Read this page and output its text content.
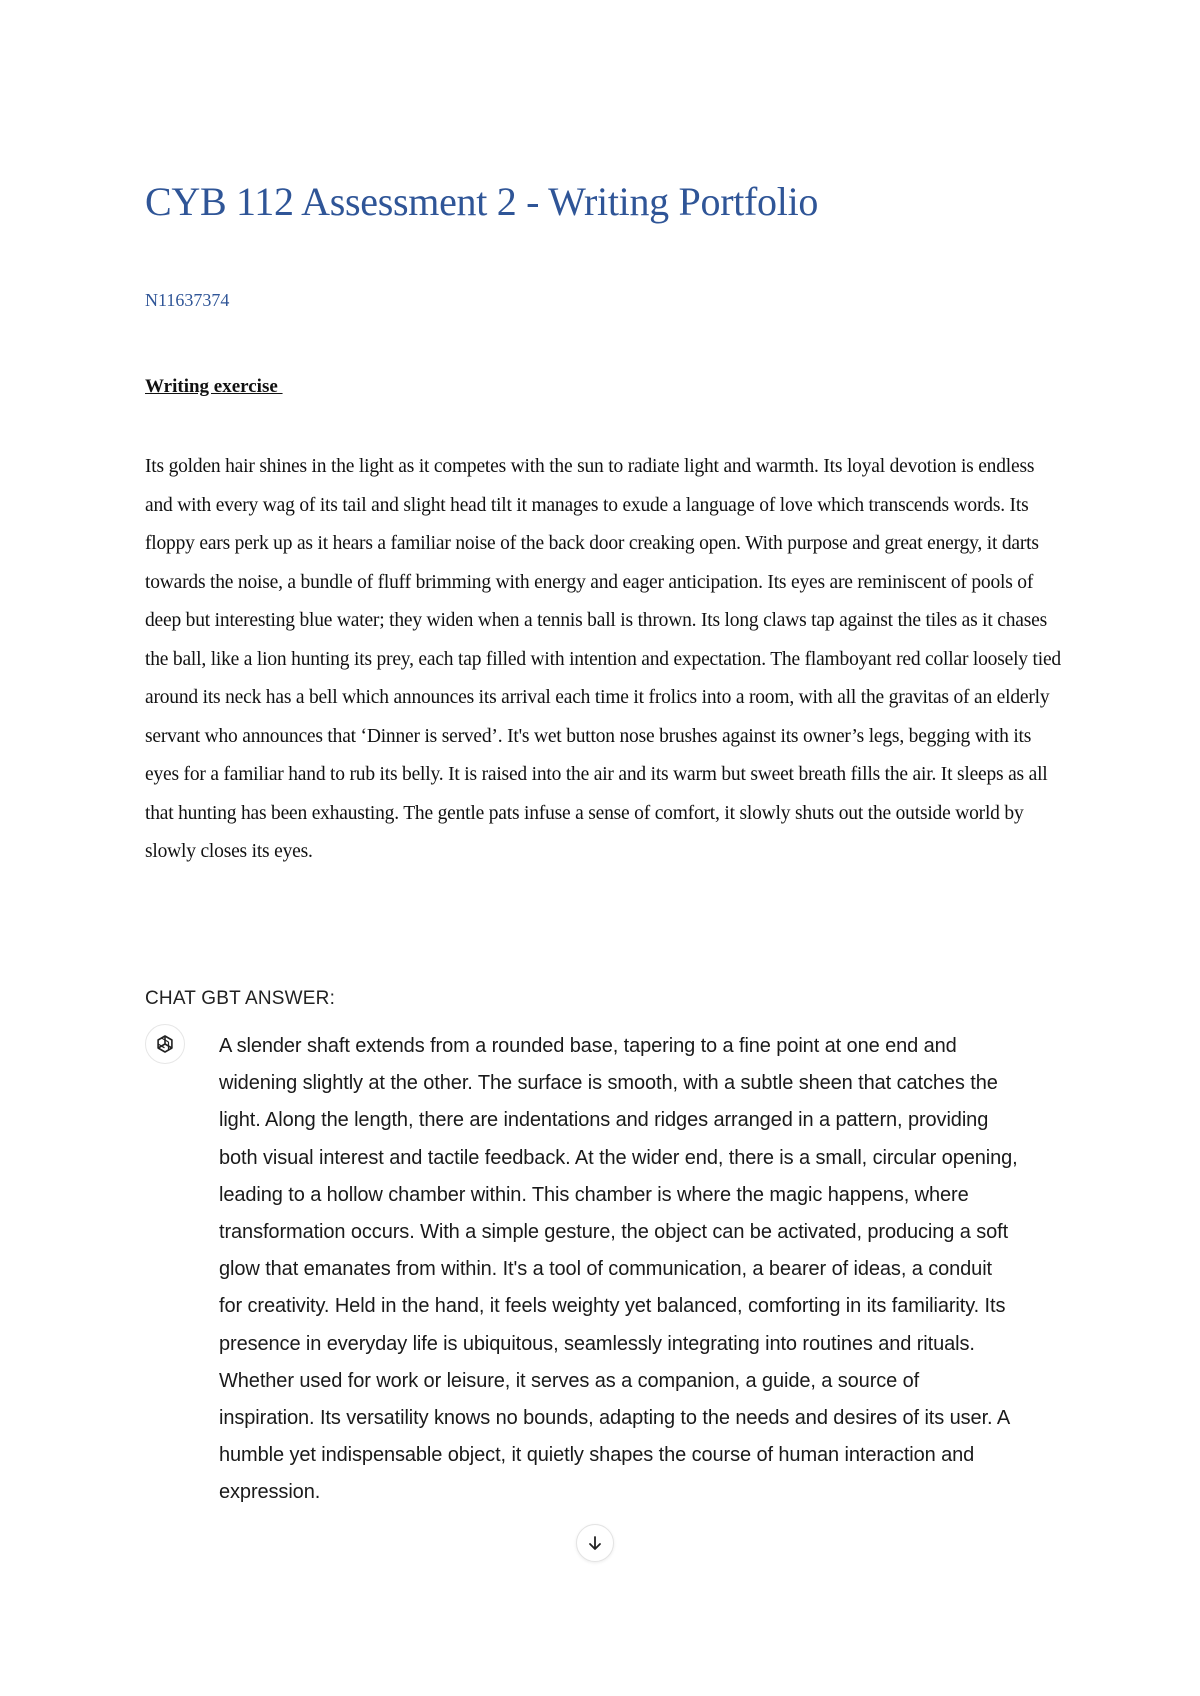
CYB 112 Assessment 2 - Writing Portfolio
N11637374
Writing exercise

Its golden hair shines in the light as it competes with the sun to radiate light and warmth. Its loyal devotion is endless and with every wag of its tail and slight head tilt it manages to exude a language of love which transcends words. Its floppy ears perk up as it hears a familiar noise of the back door creaking open. With purpose and great energy, it darts towards the noise, a bundle of fluff brimming with energy and eager anticipation. Its eyes are reminiscent of pools of deep but interesting blue water; they widen when a tennis ball is thrown. Its long claws tap against the tiles as it chases the ball, like a lion hunting its prey, each tap filled with intention and expectation. The flamboyant red collar loosely tied around its neck has a bell which announces its arrival each time it frolics into a room, with all the gravitas of an elderly servant who announces that ‘Dinner is served’. It's wet button nose brushes against its owner’s legs, begging with its eyes for a familiar hand to rub its belly. It is raised into the air and its warm but sweet breath fills the air. It sleeps as all that hunting has been exhausting. The gentle pats infuse a sense of comfort, it slowly shuts out the outside world by slowly closes its eyes.

CHAT GBT ANSWER:

A slender shaft extends from a rounded base, tapering to a fine point at one end and widening slightly at the other. The surface is smooth, with a subtle sheen that catches the light. Along the length, there are indentations and ridges arranged in a pattern, providing both visual interest and tactile feedback. At the wider end, there is a small, circular opening, leading to a hollow chamber within. This chamber is where the magic happens, where transformation occurs. With a simple gesture, the object can be activated, producing a soft glow that emanates from within. It's a tool of communication, a bearer of ideas, a conduit for creativity. Held in the hand, it feels weighty yet balanced, comforting in its familiarity. Its presence in everyday life is ubiquitous, seamlessly integrating into routines and rituals. Whether used for work or leisure, it serves as a companion, a guide, a source of inspiration. Its versatility knows no bounds, adapting to the needs and desires of its user. A humble yet indispensable object, it quietly shapes the course of human interaction and expression.
